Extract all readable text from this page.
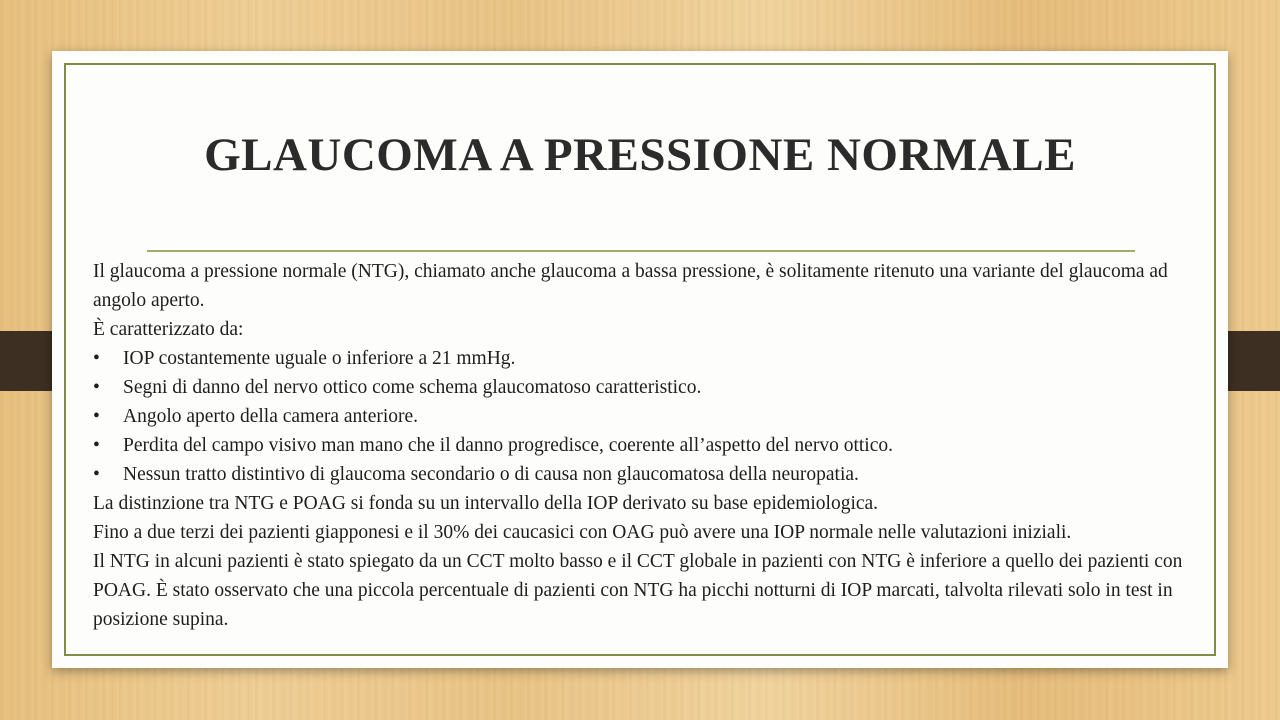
GLAUCOMA A PRESSIONE NORMALE

Il glaucoma a pressione normale (NTG), chiamato anche glaucoma a bassa pressione, è solitamente ritenuto una variante del glaucoma ad angolo aperto.

È caratterizzato da:

• IOP costantemente uguale o inferiore a 21 mmHg.
• Segni di danno del nervo ottico come schema glaucomatoso caratteristico.
• Angolo aperto della camera anteriore.
• Perdita del campo visivo man mano che il danno progredisce, coerente all’aspetto del nervo ottico.
• Nessun tratto distintivo di glaucoma secondario o di causa non glaucomatosa della neuropatia.

La distinzione tra NTG e POAG si fonda su un intervallo della IOP derivato su base epidemiologica.

Fino a due terzi dei pazienti giapponesi e il 30% dei caucasici con OAG può avere una IOP normale nelle valutazioni iniziali.

Il NTG in alcuni pazienti è stato spiegato da un CCT molto basso e il CCT globale in pazienti con NTG è inferiore a quello dei pazienti con POAG. È stato osservato che una piccola percentuale di pazienti con NTG ha picchi notturni di IOP marcati, talvolta rilevati solo in test in posizione supina.
